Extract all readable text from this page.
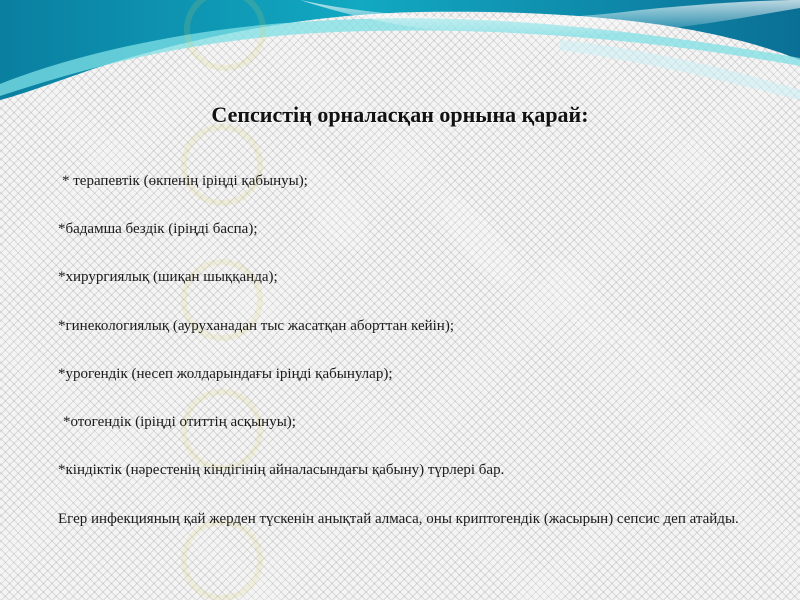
Сепсистің орналасқан орнына қарай:
* терапевтік (өкпенің іріңді қабынуы);
*бадамша бездік (іріңді баспа);
*хирургиялық (шиқан шыққанда);
*гинекологиялық (ауруханадан тыс жасатқан аборттан кейін);
*урогендік (несеп жолдарындағы іріңді қабынулар);
*отогендік (іріңді отиттің асқынуы);
*кіндіктік (нәрестенің кіндігінің айналасындағы қабыну) түрлері бар.
Егер инфекцияның қай жерден түскенін анықтай алмаса, оны криптогендік (жасырын) сепсис деп атайды.
